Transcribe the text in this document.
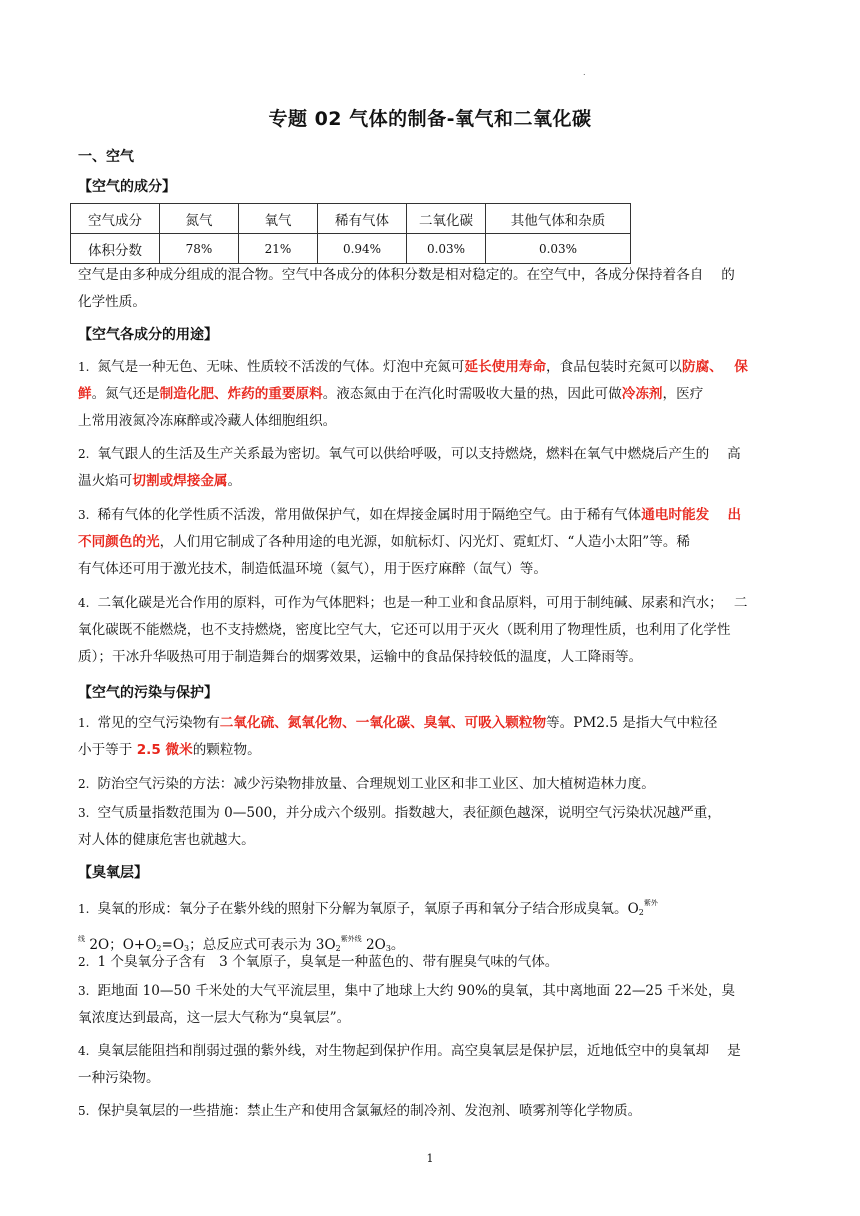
.
专题 02 气体的制备-氧气和二氧化碳
一、空气
【空气的成分】
空气成分	氮气	氧气	稀有气体	二氧化碳	其他气体和杂质
体积分数	78%	21%	0.94%	0.03%	0.03%
空气是由多种成分组成的混合物。空气中各成分的体积分数是相对稳定的。在空气中，各成分保持着各自　 的
化学性质。
【空气各成分的用途】
1. 氮气是一种无色、无味、性质较不活泼的气体。灯泡中充氮可延长使用寿命，食品包装时充氮可以防腐、　 保
鲜。氮气还是制造化肥、炸药的重要原料。液态氮由于在汽化时需吸收大量的热，因此可做冷冻剂，医疗
上常用液氮冷冻麻醉或冷藏人体细胞组织。
2. 氧气跟人的生活及生产关系最为密切。氧气可以供给呼吸，可以支持燃烧，燃料在氧气中燃烧后产生的　 高
温火焰可切割或焊接金属。
3. 稀有气体的化学性质不活泼，常用做保护气，如在焊接金属时用于隔绝空气。由于稀有气体通电时能发　 出
不同颜色的光，人们用它制成了各种用途的电光源，如航标灯、闪光灯、霓虹灯、“人造小太阳”等。稀
有气体还可用于激光技术，制造低温环境（氦气），用于医疗麻醉（氙气）等。
4. 二氧化碳是光合作用的原料，可作为气体肥料；也是一种工业和食品原料，可用于制纯碱、尿素和汽水；　 二
氧化碳既不能燃烧，也不支持燃烧，密度比空气大，它还可以用于灭火（既利用了物理性质，也利用了化学性
质）；干冰升华吸热可用于制造舞台的烟雾效果，运输中的食品保持较低的温度，人工降雨等。
【空气的污染与保护】
1. 常见的空气污染物有二氧化硫、氮氧化物、一氧化碳、臭氧、可吸入颗粒物等。PM2.5 是指大气中粒径
小于等于 2.5 微米的颗粒物。
2. 防治空气污染的方法：减少污染物排放量、合理规划工业区和非工业区、加大植树造林力度。
3. 空气质量指数范围为 0—500，并分成六个级别。指数越大，表征颜色越深，说明空气污染状况越严重，
对人体的健康危害也就越大。
【臭氧层】
1. 臭氧的形成：氧分子在紫外线的照射下分解为氧原子，氧原子再和氧分子结合形成臭氧。$O_2^{紫外}$
$^线$ 2O；$O+O_2=O_3$；总反应式可表示为 $3O_2^{紫外线}$ $2O_3$。
2. 1 个臭氧分子含有　3 个氧原子，臭氧是一种蓝色的、带有腥臭气味的气体。
3. 距地面 10—50 千米处的大气平流层里，集中了地球上大约 90%的臭氧，其中离地面 22—25 千米处，臭
氧浓度达到最高，这一层大气称为“臭氧层”。
4. 臭氧层能阻挡和削弱过强的紫外线，对生物起到保护作用。高空臭氧层是保护层，近地低空中的臭氧却　 是
一种污染物。
5. 保护臭氧层的一些措施：禁止生产和使用含氯氟烃的制冷剂、发泡剂、喷雾剂等化学物质。
1
